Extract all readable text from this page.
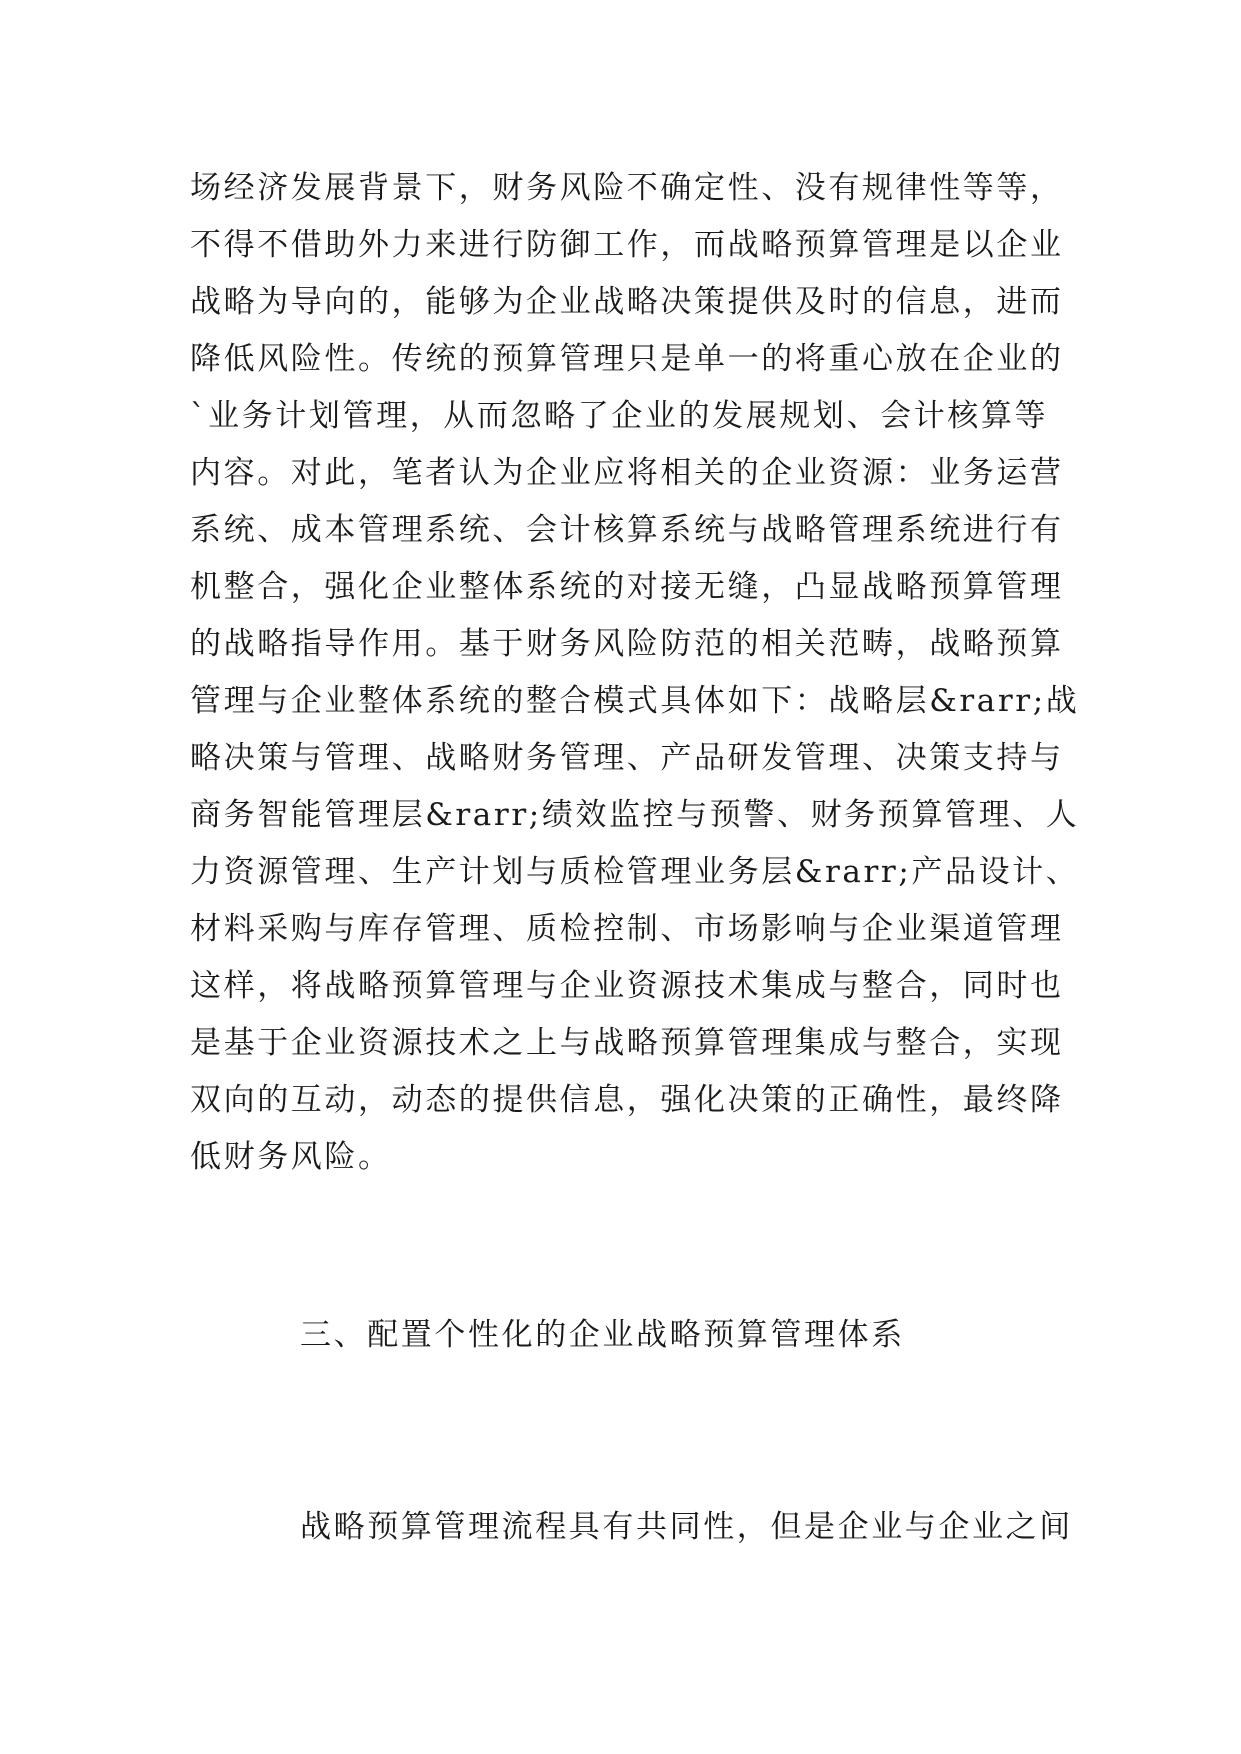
场经济发展背景下，财务风险不确定性、没有规律性等等，
不得不借助外力来进行防御工作，而战略预算管理是以企业
战略为导向的，能够为企业战略决策提供及时的信息，进而
降低风险性。传统的预算管理只是单一的将重心放在企业的
`业务计划管理，从而忽略了企业的发展规划、会计核算等
内容。对此，笔者认为企业应将相关的企业资源：业务运营
系统、成本管理系统、会计核算系统与战略管理系统进行有
机整合，强化企业整体系统的对接无缝，凸显战略预算管理
的战略指导作用。基于财务风险防范的相关范畴，战略预算
管理与企业整体系统的整合模式具体如下：战略层&rarr;战
略决策与管理、战略财务管理、产品研发管理、决策支持与
商务智能管理层&rarr;绩效监控与预警、财务预算管理、人
力资源管理、生产计划与质检管理业务层&rarr;产品设计、
材料采购与库存管理、质检控制、市场影响与企业渠道管理
这样，将战略预算管理与企业资源技术集成与整合，同时也
是基于企业资源技术之上与战略预算管理集成与整合，实现
双向的互动，动态的提供信息，强化决策的正确性，最终降
低财务风险。
三、配置个性化的企业战略预算管理体系

战略预算管理流程具有共同性，但是企业与企业之间
